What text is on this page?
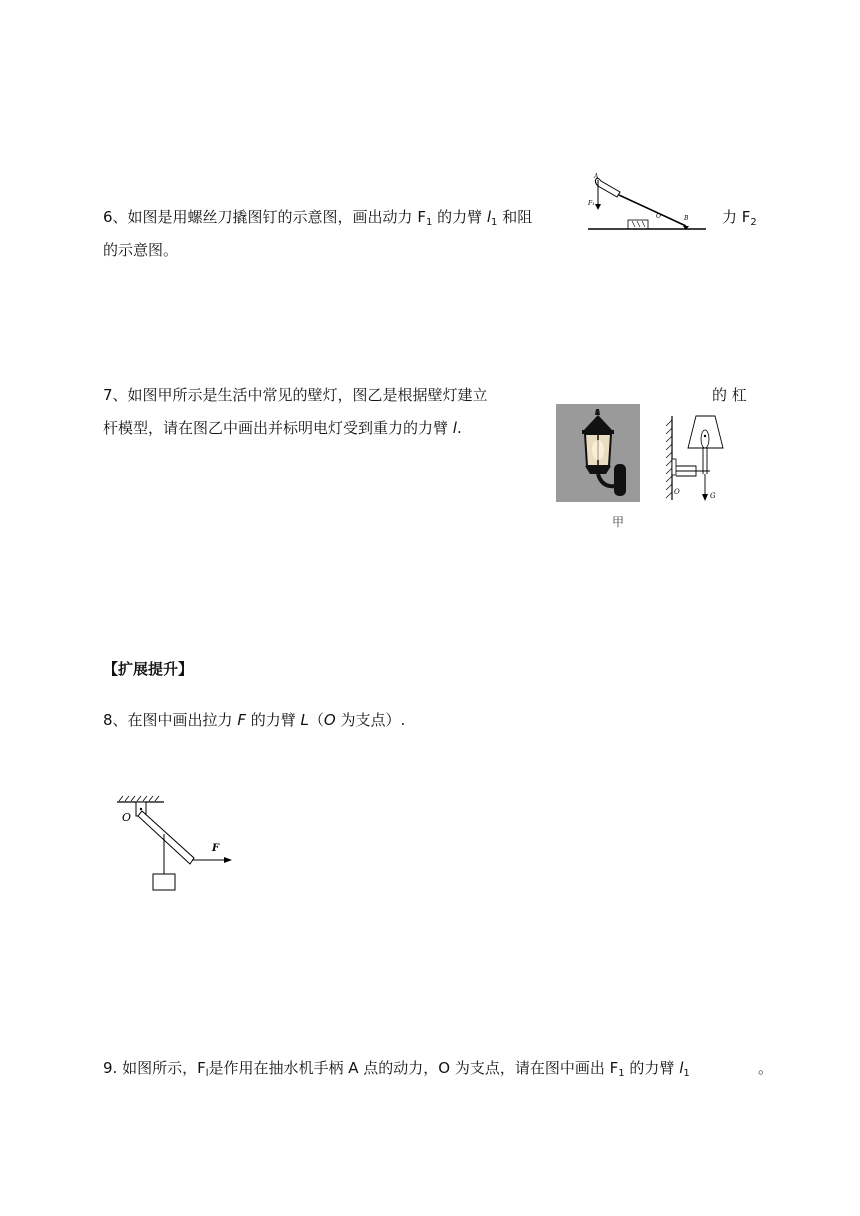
6、如图是用螺丝刀撬图钉的示意图，画出动力 $F_1$ 的力臂 $l_1$ 和阻	力 $F_2$
的示意图。
A
F₁
O	B
7、如图甲所示是生活中常见的壁灯，图乙是根据壁灯建立	的 杠
杆模型，请在图乙中画出并标明电灯受到重力的力臂 l.
甲
O	G
【扩展提升】
8、在图中画出拉力 F 的力臂 L（O 为支点）.
O
F
9. 如图所示，$F_l$是作用在抽水机手柄 A 点的动力，O 为支点，请在图中画出 $F_1$ 的力臂 $l_1$	。
